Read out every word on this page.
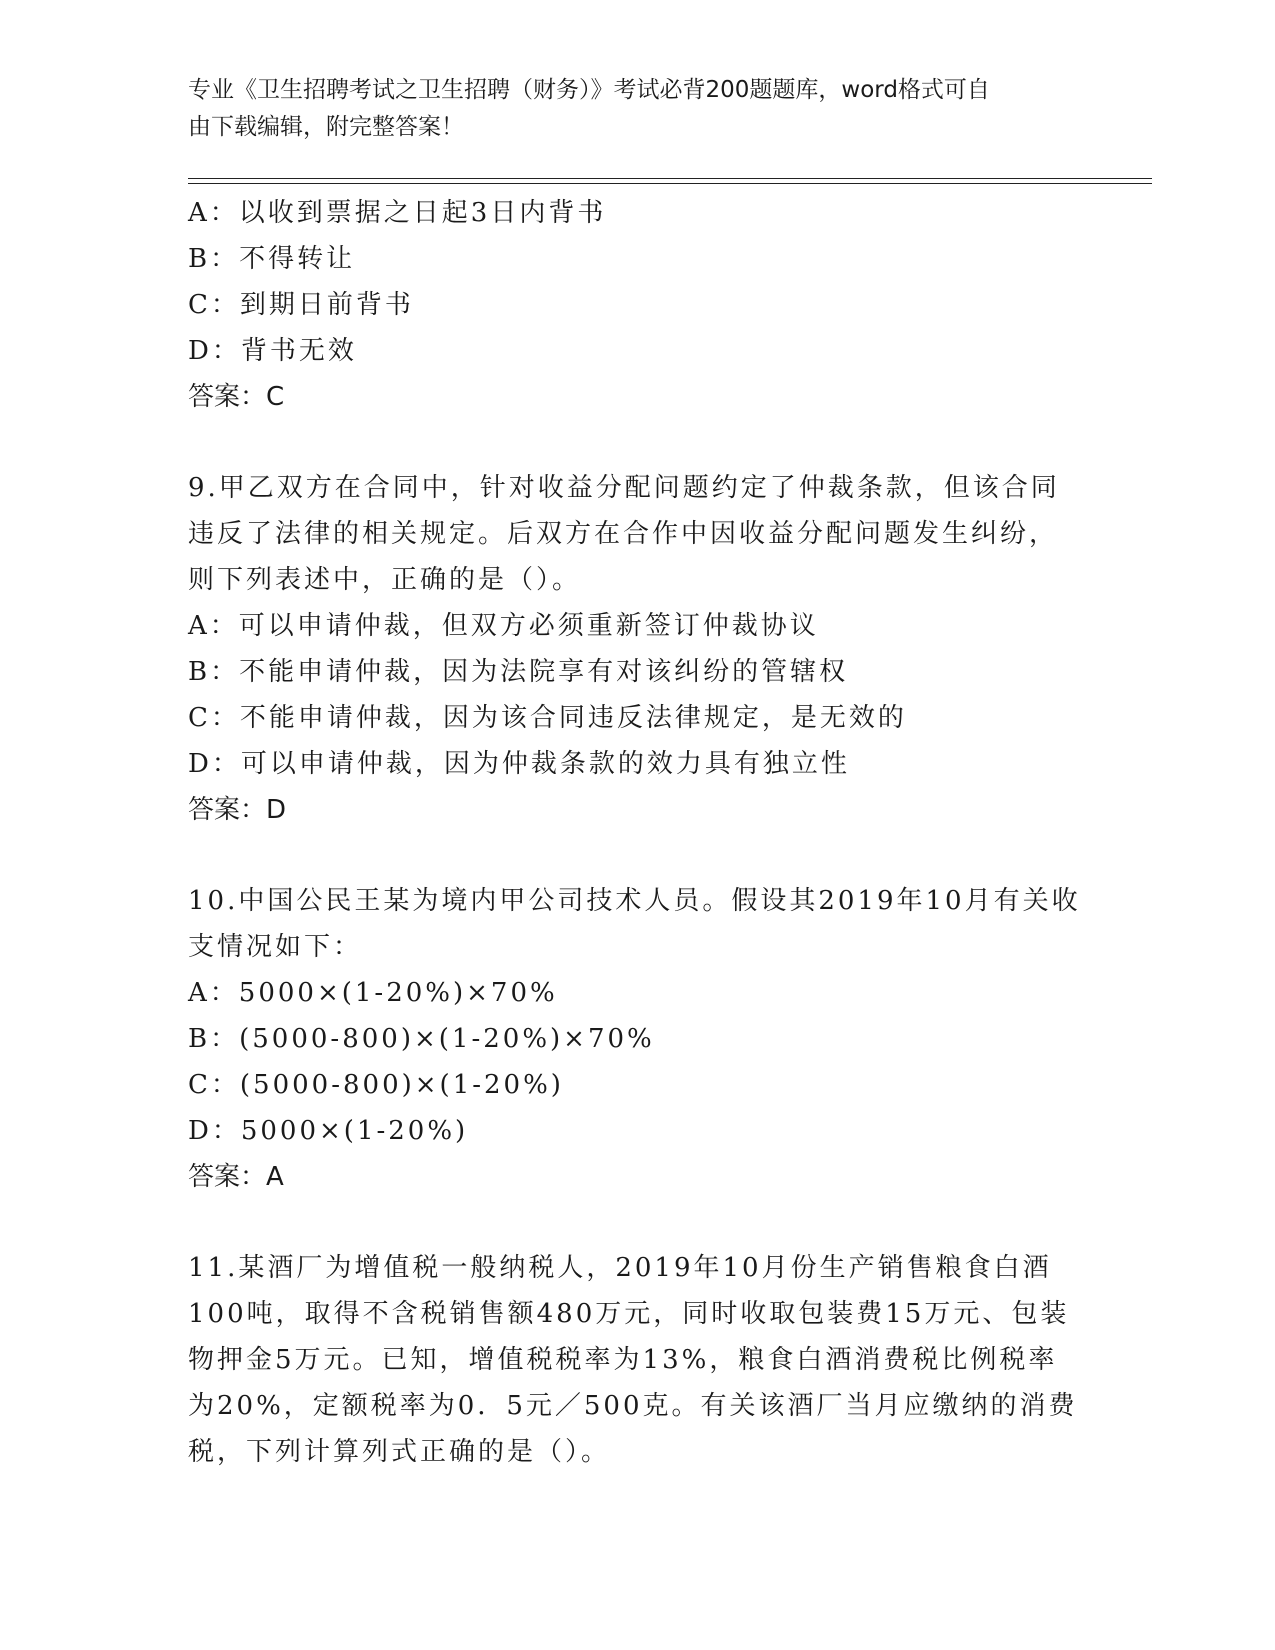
专业《卫生招聘考试之卫生招聘（财务）》考试必背200题题库，word格式可自
由下载编辑，附完整答案！
A：以收到票据之日起3日内背书
B：不得转让
C：到期日前背书
D：背书无效
答案：C
9.甲乙双方在合同中，针对收益分配问题约定了仲裁条款，但该合同
违反了法律的相关规定。后双方在合作中因收益分配问题发生纠纷，
则下列表述中，正确的是（）。
A：可以申请仲裁，但双方必须重新签订仲裁协议
B：不能申请仲裁，因为法院享有对该纠纷的管辖权
C：不能申请仲裁，因为该合同违反法律规定，是无效的
D：可以申请仲裁，因为仲裁条款的效力具有独立性
答案：D
10.中国公民王某为境内甲公司技术人员。假设其2019年10月有关收
支情况如下：
A：5000×(1-20%)×70%
B：(5000-800)×(1-20%)×70%
C：(5000-800)×(1-20%)
D：5000×(1-20%)
答案：A
11.某酒厂为增值税一般纳税人，2019年10月份生产销售粮食白酒
100吨，取得不含税销售额480万元，同时收取包装费15万元、包装
物押金5万元。已知，增值税税率为13%，粮食白酒消费税比例税率
为20%，定额税率为0．5元／500克。有关该酒厂当月应缴纳的消费
税，下列计算列式正确的是（）。
